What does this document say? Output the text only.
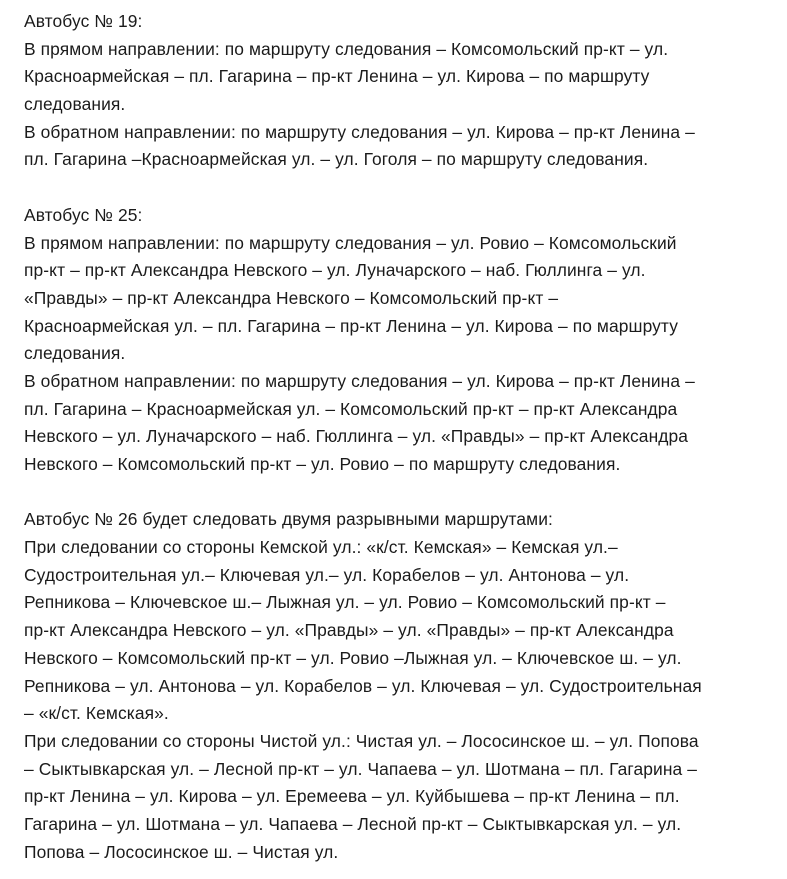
Автобус № 19:
В прямом направлении: по маршруту следования – Комсомольский пр-кт – ул.
Красноармейская – пл. Гагарина – пр-кт Ленина – ул. Кирова – по маршруту
следования.
В обратном направлении: по маршруту следования – ул. Кирова – пр-кт Ленина –
пл. Гагарина –Красноармейская ул. – ул. Гоголя – по маршруту следования.
Автобус № 25:
В прямом направлении: по маршруту следования – ул. Ровио – Комсомольский
пр-кт – пр-кт Александра Невского – ул. Луначарского – наб. Гюллинга – ул.
«Правды» – пр-кт Александра Невского – Комсомольский пр-кт –
Красноармейская ул. – пл. Гагарина – пр-кт Ленина – ул. Кирова – по маршруту
следования.
В обратном направлении: по маршруту следования – ул. Кирова – пр-кт Ленина –
пл. Гагарина – Красноармейская ул. – Комсомольский пр-кт – пр-кт Александра
Невского – ул. Луначарского – наб. Гюллинга – ул. «Правды» – пр-кт Александра
Невского – Комсомольский пр-кт – ул. Ровио – по маршруту следования.
Автобус № 26 будет следовать двумя разрывными маршрутами:
При следовании со стороны Кемской ул.: «к/ст. Кемская» – Кемская ул.–
Судостроительная ул.– Ключевая ул.– ул. Корабелов – ул. Антонова – ул.
Репникова – Ключевское ш.– Лыжная ул. – ул. Ровио – Комсомольский пр-кт –
пр-кт Александра Невского – ул. «Правды» – ул. «Правды» – пр-кт Александра
Невского – Комсомольский пр-кт – ул. Ровио –Лыжная ул. – Ключевское ш. – ул.
Репникова – ул. Антонова – ул. Корабелов – ул. Ключевая – ул. Судостроительная
– «к/ст. Кемская».
При следовании со стороны Чистой ул.: Чистая ул. – Лососинское ш. – ул. Попова
– Сыктывкарская ул. – Лесной пр-кт – ул. Чапаева – ул. Шотмана – пл. Гагарина –
пр-кт Ленина – ул. Кирова – ул. Еремеева – ул. Куйбышева – пр-кт Ленина – пл.
Гагарина – ул. Шотмана – ул. Чапаева – Лесной пр-кт – Сыктывкарская ул. – ул.
Попова – Лососинское ш. – Чистая ул.
